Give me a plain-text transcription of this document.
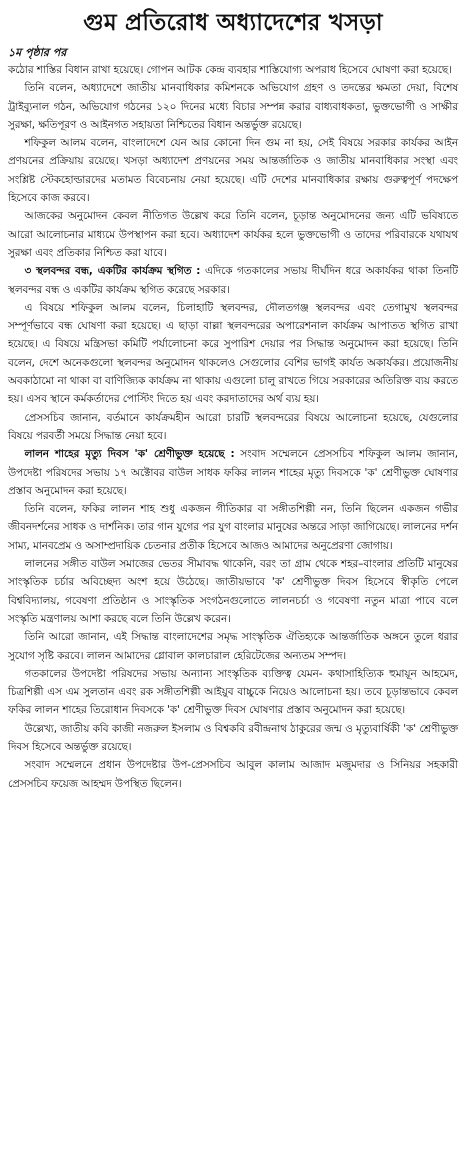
গুম প্রতিরোধ অধ্যাদেশের খসড়া
১ম পৃষ্ঠার পর

কঠোর শাস্তির বিধান রাখা হয়েছে। গোপন আটক কেন্দ্র ব্যবহার শাস্তিযোগ্য অপরাধ হিসেবে ঘোষণা করা হয়েছে।

তিনি বলেন, অধ্যাদেশে জাতীয় মানবাধিকার কমিশনকে অভিযোগ গ্রহণ ও তদন্তের ক্ষমতা দেয়া, বিশেষ ট্রাইব্যুনাল গঠন, অভিযোগ গঠনের ১২০ দিনের মধ্যে বিচার সম্পন্ন করার বাধ্যবাধকতা, ভুক্তভোগী ও সাক্ষীর সুরক্ষা, ক্ষতিপূরণ ও আইনগত সহায়তা নিশ্চিতের বিধান অন্তর্ভুক্ত রয়েছে।

শফিকুল আলম বলেন, বাংলাদেশে যেন আর কোনো দিন গুম না হয়, সেই বিষয়ে সরকার কার্যকর আইন প্রণয়নের প্রক্রিয়ায় রয়েছে। খসড়া অধ্যাদেশ প্রণয়নের সময় আন্তর্জাতিক ও জাতীয় মানবাধিকার সংস্থা এবং সংশ্লিষ্ট স্টেকহোল্ডারদের মতামত বিবেচনায় নেয়া হয়েছে। এটি দেশের মানবাধিকার রক্ষায় গুরুত্বপূর্ণ পদক্ষেপ হিসেবে কাজ করবে।

আজকের অনুমোদন কেবল নীতিগত উল্লেখ করে তিনি বলেন, চূড়ান্ত অনুমোদনের জন্য এটি ভবিষ্যতে আরো আলোচনার মাধ্যমে উপস্থাপন করা হবে। অধ্যাদেশ কার্যকর হলে ভুক্তভোগী ও তাদের পরিবারকে যথাযথ সুরক্ষা এবং প্রতিকার নিশ্চিত করা যাবে।

৩ স্থলবন্দর বন্ধ, একটির কার্যক্রম স্থগিত : এদিকে গতকালের সভায় দীর্ঘদিন ধরে অকার্যকর থাকা তিনটি স্থলবন্দর বন্ধ ও একটির কার্যক্রম স্থগিত করেছে সরকার।

এ বিষয়ে শফিকুল আলম বলেন, চিলাহাটি স্থলবন্দর, দৌলতগঞ্জ স্থলবন্দর এবং তেগামুখ স্থলবন্দর সম্পূর্ণভাবে বন্ধ ঘোষণা করা হয়েছে। এ ছাড়া বাল্লা স্থলবন্দরের অপারেশনাল কার্যক্রম আপাতত স্থগিত রাখা হয়েছে। এ বিষয়ে মন্ত্রিসভা কমিটি পর্যালোচনা করে সুপারিশ দেয়ার পর সিদ্ধান্ত অনুমোদন করা হয়েছে। তিনি বলেন, দেশে অনেকগুলো স্থলবন্দর অনুমোদন থাকলেও সেগুলোর বেশির ভাগই কার্যত অকার্যকর। প্রয়োজনীয় অবকাঠামো না থাকা বা বাণিজ্যিক কার্যক্রম না থাকায় এগুলো চালু রাখতে গিয়ে সরকারের অতিরিক্ত ব্যয় করতে হয়। এসব স্থানে কর্মকর্তাদের পোস্টিং দিতে হয় এবং করদাতাদের অর্থ ব্যয় হয়।

প্রেসসচিব জানান, বর্তমানে কার্যক্রমহীন আরো চারটি স্থলবন্দরের বিষয়ে আলোচনা হয়েছে, যেগুলোর বিষয়ে পরবর্তী সময়ে সিদ্ধান্ত নেয়া হবে।

লালন শাহের মৃত্যু দিবস 'ক' শ্রেণীভুক্ত হয়েছে : সংবাদ সম্মেলনে প্রেসসচিব শফিকুল আলম জানান, উপদেষ্টা পরিষদের সভায় ১৭ অক্টোবর বাউল সাধক ফকির লালন শাহের মৃত্যু দিবসকে 'ক' শ্রেণীভুক্ত ঘোষণার প্রস্তাব অনুমোদন করা হয়েছে।

তিনি বলেন, ফকির লালন শাহ শুধু একজন গীতিকার বা সঙ্গীতশিল্পী নন, তিনি ছিলেন একজন গভীর জীবনদর্শনের সাধক ও দার্শনিক। তার গান যুগের পর যুগ বাংলার মানুষের অন্তরে সাড়া জাগিয়েছে। লালনের দর্শন সাম্য, মানবপ্রেম ও অসাম্প্রদায়িক চেতনার প্রতীক হিসেবে আজও আমাদের অনুপ্রেরণা জোগায়।

লালনের সঙ্গীত বাউল সমাজের ভেতর সীমাবদ্ধ থাকেনি, বরং তা গ্রাম থেকে শহর–বাংলার প্রতিটি মানুষের সাংস্কৃতিক চর্চার অবিচ্ছেদ্য অংশ হয়ে উঠেছে। জাতীয়ভাবে 'ক' শ্রেণীভুক্ত দিবস হিসেবে স্বীকৃতি পেলে বিশ্ববিদ্যালয়, গবেষণা প্রতিষ্ঠান ও সাংস্কৃতিক সংগঠনগুলোতে লালনচর্চা ও গবেষণা নতুন মাত্রা পাবে বলে সংস্কৃতি মন্ত্রণালয় আশা করছে বলে তিনি উল্লেখ করেন।

তিনি আরো জানান, এই সিদ্ধান্ত বাংলাদেশের সমৃদ্ধ সাংস্কৃতিক ঐতিহ্যকে আন্তর্জাতিক অঙ্গনে তুলে ধরার সুযোগ সৃষ্টি করবে। লালন আমাদের গ্লোবাল কালচারাল হেরিটেজের অন্যতম সম্পদ।

গতকালের উপদেষ্টা পরিষদের সভায় অন্যান্য সাংস্কৃতিক ব্যক্তিত্ব যেমন- কথাসাহিত্যিক হুমায়ূন আহমেদ, চিত্রশিল্পী এস এম সুলতান এবং রক সঙ্গীতশিল্পী আইয়ুব বাচ্চুকে নিয়েও আলোচনা হয়। তবে চূড়ান্তভাবে কেবল ফকির লালন শাহের তিরোধান দিবসকে 'ক' শ্রেণীভুক্ত দিবস ঘোষণার প্রস্তাব অনুমোদন করা হয়েছে।

উল্লেখ্য, জাতীয় কবি কাজী নজরুল ইসলাম ও বিশ্বকবি রবীন্দ্রনাথ ঠাকুরের জন্ম ও মৃত্যুবার্ষিকী 'ক' শ্রেণীভুক্ত দিবস হিসেবে অন্তর্ভুক্ত রয়েছে।

সংবাদ সম্মেলনে প্রধান উপদেষ্টার উপ-প্রেসসচিব আবুল কালাম আজাদ মজুমদার ও সিনিয়র সহকারী প্রেসসচিব ফয়েজ আহম্মদ উপস্থিত ছিলেন।
